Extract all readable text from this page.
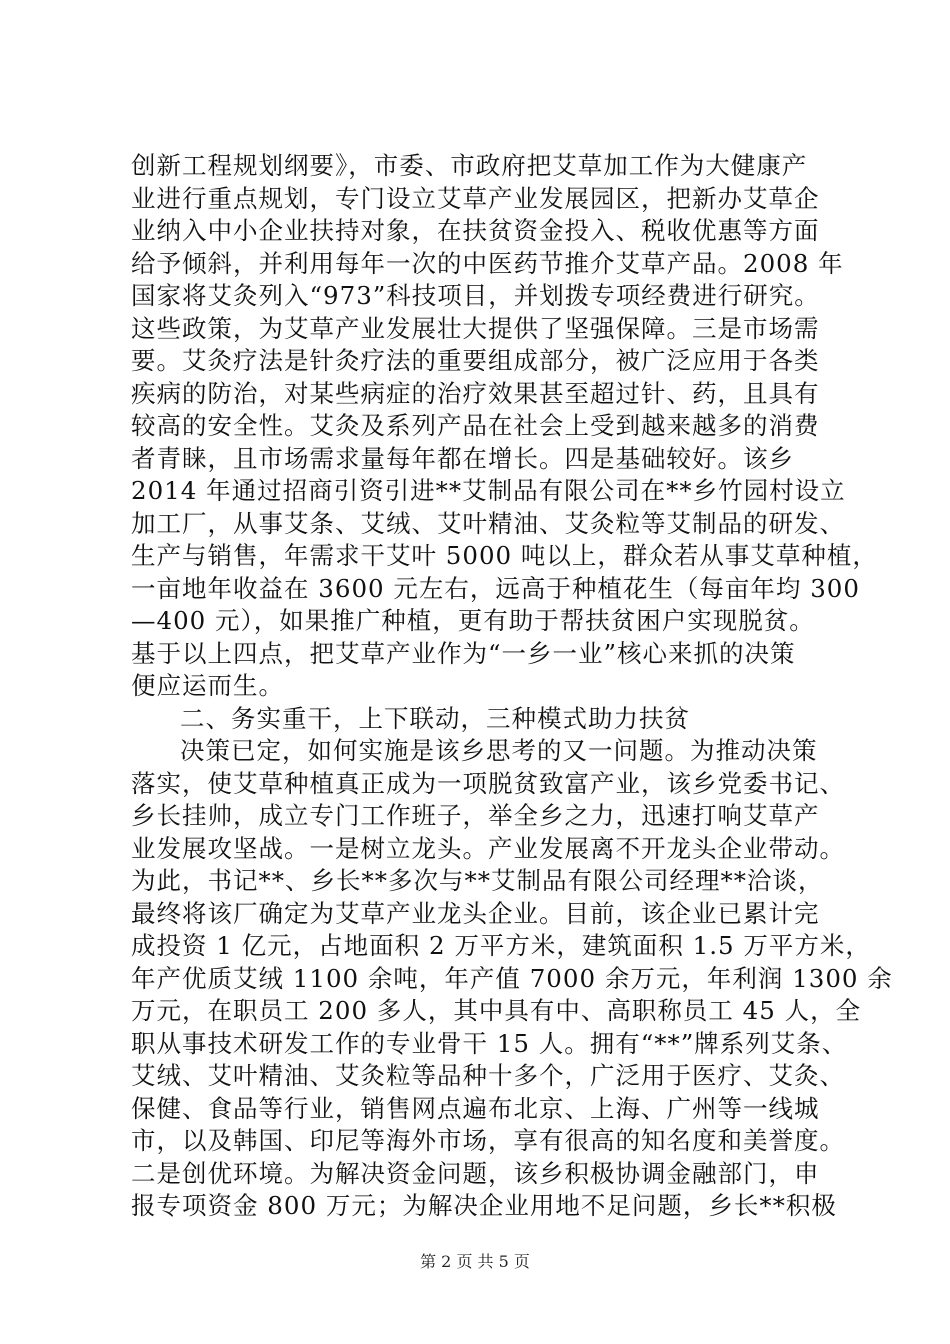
创新工程规划纲要》，市委、市政府把艾草加工作为大健康产
业进行重点规划，专门设立艾草产业发展园区，把新办艾草企
业纳入中小企业扶持对象，在扶贫资金投入、税收优惠等方面
给予倾斜，并利用每年一次的中医药节推介艾草产品。2008 年
国家将艾灸列入“973”科技项目，并划拨专项经费进行研究。
这些政策，为艾草产业发展壮大提供了坚强保障。三是市场需
要。艾灸疗法是针灸疗法的重要组成部分，被广泛应用于各类
疾病的防治，对某些病症的治疗效果甚至超过针、药，且具有
较高的安全性。艾灸及系列产品在社会上受到越来越多的消费
者青睐，且市场需求量每年都在增长。四是基础较好。该乡
2014 年通过招商引资引进**艾制品有限公司在**乡竹园村设立
加工厂，从事艾条、艾绒、艾叶精油、艾灸粒等艾制品的研发、
生产与销售，年需求干艾叶 5000 吨以上，群众若从事艾草种植，
一亩地年收益在 3600 元左右，远高于种植花生（每亩年均 300
—400 元），如果推广种植，更有助于帮扶贫困户实现脱贫。
基于以上四点，把艾草产业作为“一乡一业”核心来抓的决策
便应运而生。
二、务实重干，上下联动，三种模式助力扶贫
决策已定，如何实施是该乡思考的又一问题。为推动决策
落实，使艾草种植真正成为一项脱贫致富产业，该乡党委书记、
乡长挂帅，成立专门工作班子，举全乡之力，迅速打响艾草产
业发展攻坚战。一是树立龙头。产业发展离不开龙头企业带动。
为此，书记**、乡长**多次与**艾制品有限公司经理**洽谈，
最终将该厂确定为艾草产业龙头企业。目前，该企业已累计完
成投资 1 亿元，占地面积 2 万平方米，建筑面积 1.5 万平方米，
年产优质艾绒 1100 余吨，年产值 7000 余万元，年利润 1300 余
万元，在职员工 200 多人，其中具有中、高职称员工 45 人，全
职从事技术研发工作的专业骨干 15 人。拥有“**”牌系列艾条、
艾绒、艾叶精油、艾灸粒等品种十多个，广泛用于医疗、艾灸、
保健、食品等行业，销售网点遍布北京、上海、广州等一线城
市，以及韩国、印尼等海外市场，享有很高的知名度和美誉度。
二是创优环境。为解决资金问题，该乡积极协调金融部门，申
报专项资金 800 万元；为解决企业用地不足问题，乡长**积极
第 2 页 共 5 页
